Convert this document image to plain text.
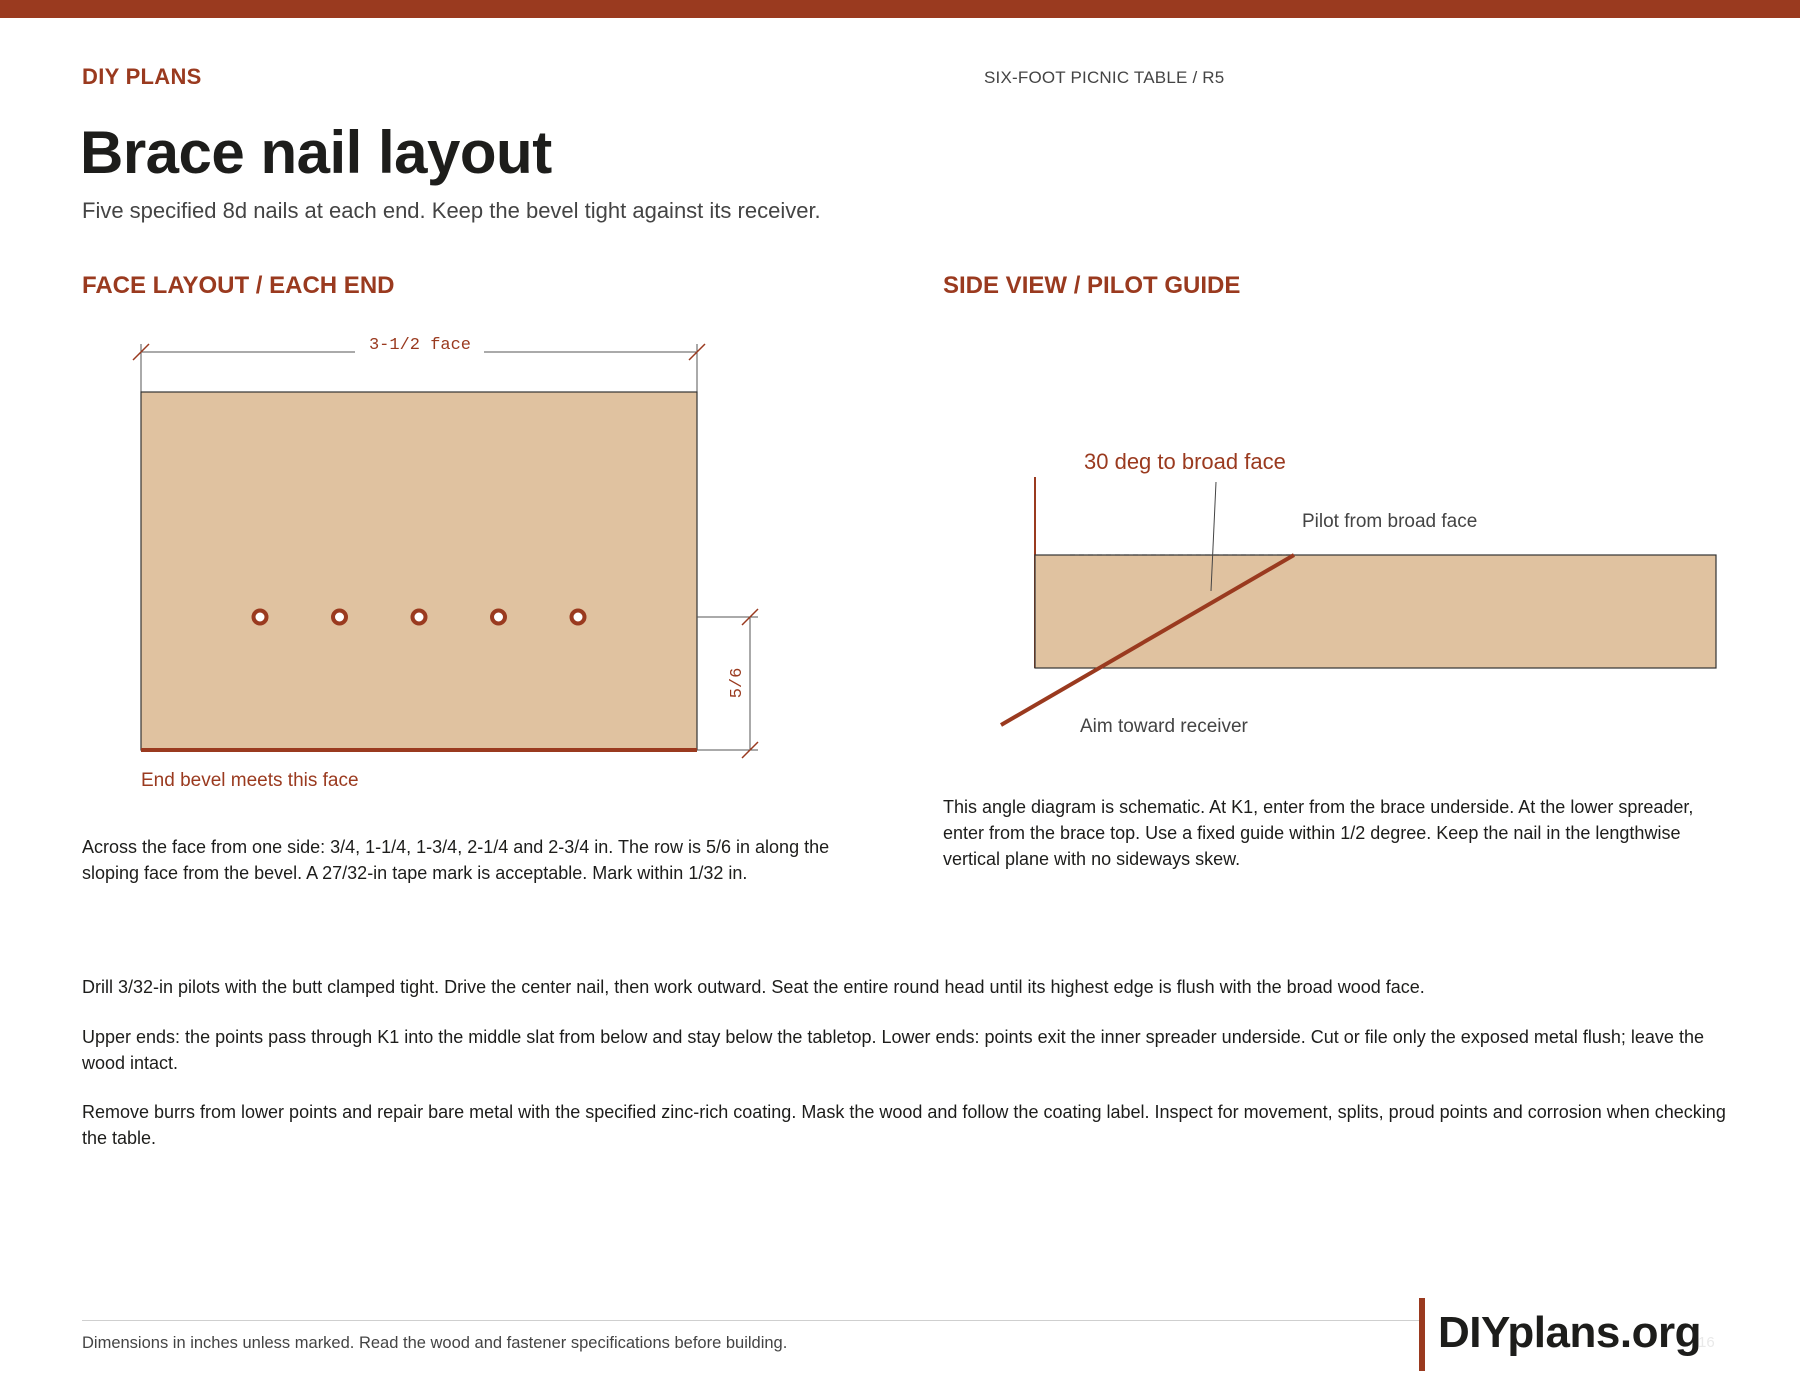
DIY PLANS	SIX-FOOT PICNIC TABLE / R5
Brace nail layout
Five specified 8d nails at each end. Keep the bevel tight against its receiver.
FACE LAYOUT / EACH END	SIDE VIEW / PILOT GUIDE
3-1/2 face
5/6
End bevel meets this face
30 deg to broad face
Pilot from broad face
Aim toward receiver

Across the face from one side: 3/4, 1-1/4, 1-3/4, 2-1/4 and 2-3/4 in. The row is 5/6 in along the sloping face from the bevel. A 27/32-in tape mark is acceptable. Mark within 1/32 in.

This angle diagram is schematic. At K1, enter from the brace underside. At the lower spreader, enter from the brace top. Use a fixed guide within 1/2 degree. Keep the nail in the lengthwise vertical plane with no sideways skew.

Drill 3/32-in pilots with the butt clamped tight. Drive the center nail, then work outward. Seat the entire round head until its highest edge is flush with the broad wood face.

Upper ends: the points pass through K1 into the middle slat from below and stay below the tabletop. Lower ends: points exit the inner spreader underside. Cut or file only the exposed metal flush; leave the wood intact.

Remove burrs from lower points and repair bare metal with the specified zinc-rich coating. Mask the wood and follow the coating label. Inspect for movement, splits, proud points and corrosion when checking the table.

Dimensions in inches unless marked. Read the wood and fastener specifications before building.	DIYplans.org
16
